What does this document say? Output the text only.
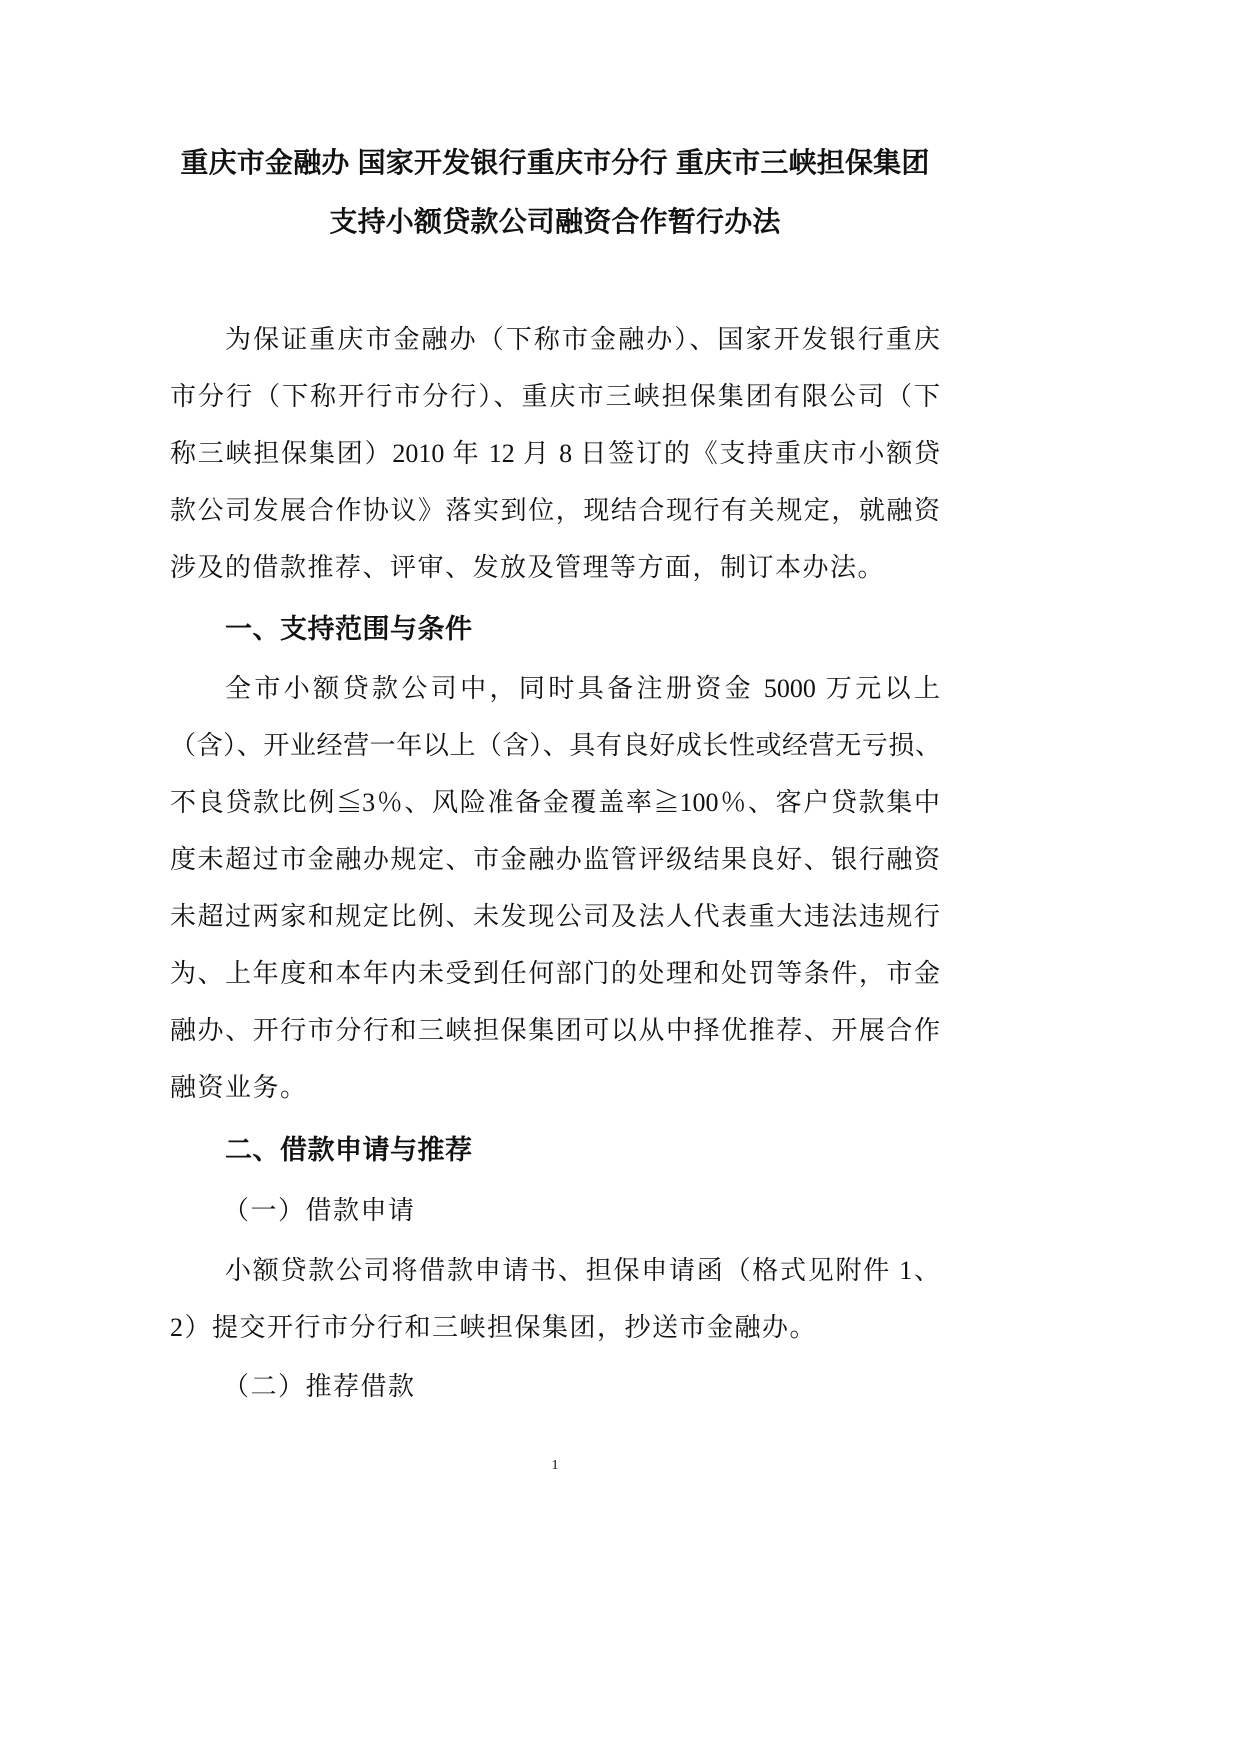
重庆市金融办 国家开发银行重庆市分行 重庆市三峡担保集团
支持小额贷款公司融资合作暂行办法
为保证重庆市金融办（下称市金融办）、国家开发银行重庆
市分行（下称开行市分行）、重庆市三峡担保集团有限公司（下
称三峡担保集团）2010 年 12 月 8 日签订的《支持重庆市小额贷
款公司发展合作协议》落实到位，现结合现行有关规定，就融资
涉及的借款推荐、评审、发放及管理等方面，制订本办法。
一、支持范围与条件
全市小额贷款公司中，同时具备注册资金 5000 万元以上
（含）、开业经营一年以上（含）、具有良好成长性或经营无亏损、
不良贷款比例≦3％、风险准备金覆盖率≧100％、客户贷款集中
度未超过市金融办规定、市金融办监管评级结果良好、银行融资
未超过两家和规定比例、未发现公司及法人代表重大违法违规行
为、上年度和本年内未受到任何部门的处理和处罚等条件，市金
融办、开行市分行和三峡担保集团可以从中择优推荐、开展合作
融资业务。
二、借款申请与推荐
（一）借款申请
小额贷款公司将借款申请书、担保申请函（格式见附件 1、
2）提交开行市分行和三峡担保集团，抄送市金融办。
（二）推荐借款
1
